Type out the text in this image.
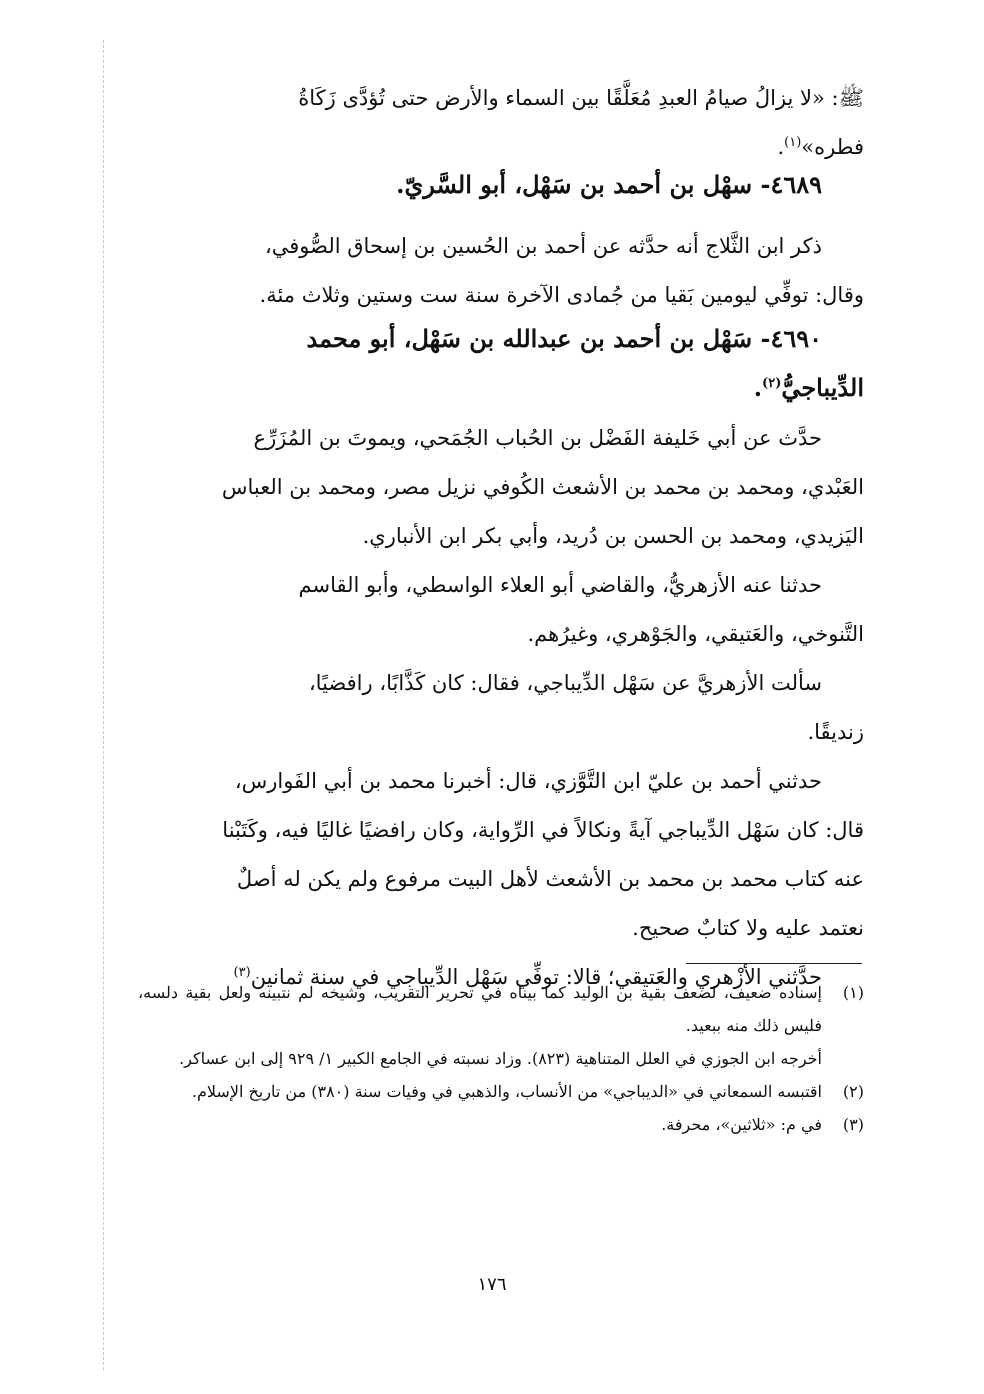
ﷺ: «لا يزالُ صيامُ العبدِ مُعَلَّقًا بين السماء والأرض حتى تُؤدَّى زَكَاةُ
فطره»$^{(١)}$.
٤٦٨٩- سهْل بن أحمد بن سَهْل، أبو السَّريّ.
ذكر ابن الثَّلاج أنه حدَّثه عن أحمد بن الحُسين بن إسحاق الصُّوفي،
وقال: توفِّي ليومين بَقيا من جُمادى الآخرة سنة ست وستين وثلاث مئة.
٤٦٩٠- سَهْل بن أحمد بن عبدالله بن سَهْل، أبو محمد
الدِّيباجيُّ$^{(٢)}$.
حدَّث عن أبي خَليفة الفَضْل بن الحُباب الجُمَحي، ويموتَ بن المُزَرِّع
العَبْدي، ومحمد بن محمد بن الأشعث الكُوفي نزيل مصر، ومحمد بن العباس
اليَزيدي، ومحمد بن الحسن بن دُريد، وأبي بكر ابن الأنباري.
حدثنا عنه الأزهريُّ، والقاضي أبو العلاء الواسطي، وأبو القاسم
التَّنوخي، والعَتيقي، والجَوْهري، وغيرُهم.
سألت الأزهريَّ عن سَهْل الدِّيباجي، فقال: كان كَذَّابًا، رافضيًا،
زنديقًا.
حدثني أحمد بن عليّ ابن التَّوَّزي، قال: أخبرنا محمد بن أبي الفَوارس،
قال: كان سَهْل الدِّيباجي آيةً ونكالاً في الرِّواية، وكان رافضيًا غاليًا فيه، وكَتَبْنا
عنه كتاب محمد بن محمد بن الأشعث لأهل البيت مرفوع ولم يكن له أصلٌ
نعتمد عليه ولا كتابٌ صحيح.
حدَّثني الأزْهري والعَتيقي؛ قالا: توفِّي سَهْل الدِّيباجي في سنة ثمانين$^{(٣)}$
(١)
إسناده ضعيف، لضعف بقية بن الوليد كما بيناه في تحرير التقريب، وشيخه لم نتبينه ولعل بقية دلسه، فليس ذلك منه ببعيد.
أخرجه ابن الجوزي في العلل المتناهية (٨٢٣). وزاد نسبته في الجامع الكبير ١/ ٩٢٩ إلى ابن عساكر.
(٢)
اقتبسه السمعاني في «الديباجي» من الأنساب، والذهبي في وفيات سنة (٣٨٠) من تاريخ الإسلام.
(٣)
في م: «ثلاثين»، محرفة.
١٧٦
